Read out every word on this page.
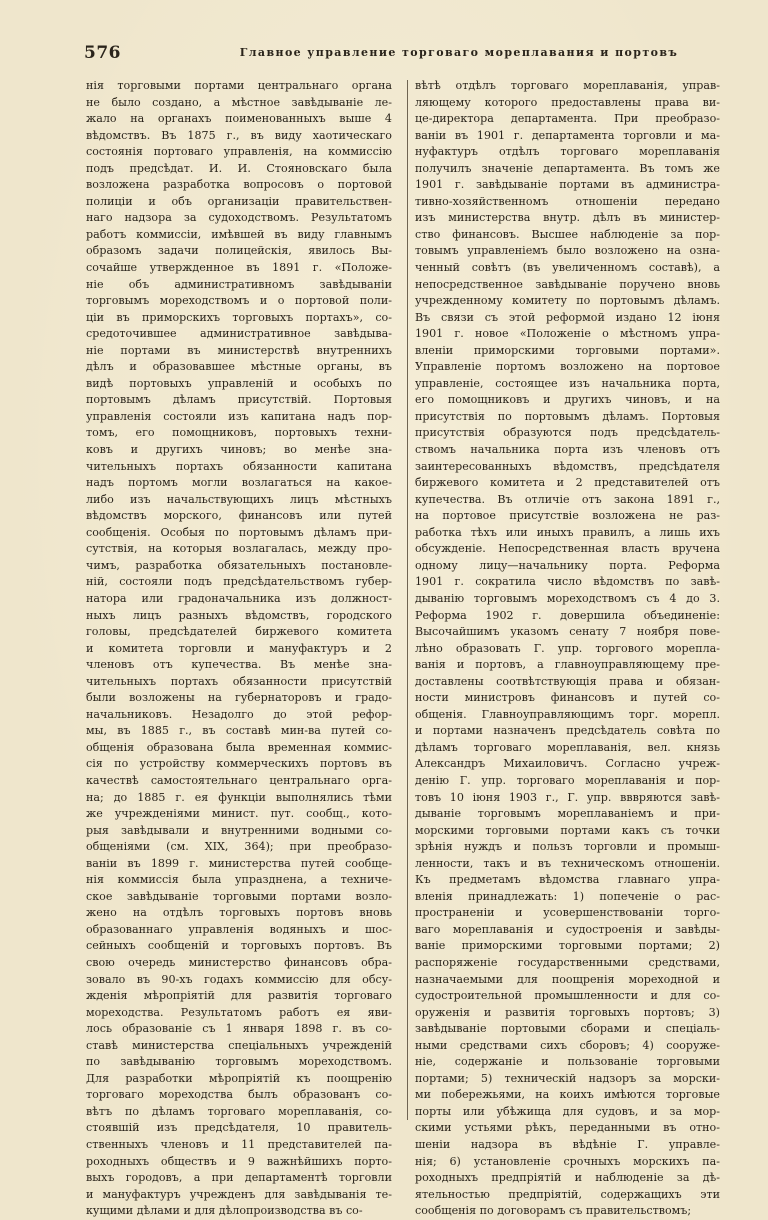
576	Главное управление торговаго мореплавания и портовъ
нія торговыми портами центральнаго органа
не было создано, а мѣстное завѣдываніе ле-
жало на органахъ поименованныхъ выше 4
вѣдомствъ. Въ 1875 г., въ виду хаотическаго
состоянія портоваго управленія, на коммиссію
подъ предсѣдат. И. И. Стояновскаго была
возложена разработка вопросовъ о портовой
полиціи и объ организаціи правительствен-
наго надзора за судоходствомъ. Результатомъ
работъ коммиссіи, имѣвшей въ виду главнымъ
образомъ задачи полицейскія, явилось Вы-
сочайше утвержденное въ 1891 г. «Положе-
ніе объ административномъ завѣдываніи
торговымъ мореходствомъ и о портовой поли-
ціи въ приморскихъ торговыхъ портахъ», со-
средоточившее административное завѣдыва-
ніе портами въ министерствѣ внутреннихъ
дѣлъ и образовавшее мѣстные органы, въ
видѣ портовыхъ управленій и особыхъ по
портовымъ дѣламъ присутствій. Портовыя
управленія состояли изъ капитана надъ пор-
томъ, его помощниковъ, портовыхъ техни-
ковъ и другихъ чиновъ; во менѣе зна-
чительныхъ портахъ обязанности капитана
надъ портомъ могли возлагаться на какое-
либо изъ начальствующихъ лицъ мѣстныхъ
вѣдомствъ морского, финансовъ или путей
сообщенія. Особыя по портовымъ дѣламъ при-
сутствія, на которыя возлагалась, между про-
чимъ, разработка обязательныхъ постановле-
ній, состояли подъ предсѣдательствомъ губер-
натора или градоначальника изъ должност-
ныхъ лицъ разныхъ вѣдомствъ, городского
головы, предсѣдателей биржевого комитета
и комитета торговли и мануфактуръ и 2
членовъ отъ купечества. Въ менѣе зна-
чительныхъ портахъ обязанности присутствій
были возложены на губернаторовъ и градо-
начальниковъ. Незадолго до этой рефор-
мы, въ 1885 г., въ составѣ мин-ва путей со-
общенія образована была временная коммис-
сія по устройству коммерческихъ портовъ въ
качествѣ самостоятельнаго центральнаго орга-
на; до 1885 г. ея функціи выполнялись тѣми
же учрежденіями минист. пут. сообщ., кото-
рыя завѣдывали и внутренними водными со-
общеніями (см. XIX, 364); при преобразо-
ваніи въ 1899 г. министерства путей сообще-
нія коммиссія была упразднена, а техниче-
ское завѣдываніе торговыми портами возло-
жено на отдѣлъ торговыхъ портовъ вновь
образованнаго управленія водяныхъ и шос-
сейныхъ сообщеній и торговыхъ портовъ. Въ
свою очередь министерство финансовъ обра-
зовало въ 90-хъ годахъ коммиссію для обсу-
жденія мѣропріятій для развитія торговаго
мореходства. Результатомъ работъ ея яви-
лось образованіе съ 1 января 1898 г. въ со-
ставѣ министерства спеціальныхъ учрежденій
по завѣдыванію торговымъ мореходствомъ.
Для разработки мѣропріятій къ поощренію
торговаго мореходства былъ образованъ со-
вѣтъ по дѣламъ торговаго мореплаванія, со-
стоявшій изъ предсѣдателя, 10 правитель-
ственныхъ членовъ и 11 представителей па-
роходныхъ обществъ и 9 важнѣйшихъ порто-
выхъ городовъ, а при департаментѣ торговли
и мануфактуръ учрежденъ для завѣдыванія те-
кущими дѣлами и для дѣлопроизводства въ со-
вѣтѣ отдѣлъ торговаго мореплаванія, управ-
ляющему которого предоставлены права ви-
це-директора департамента. При преобразо-
ваніи въ 1901 г. департамента торговли и ма-
нуфактуръ отдѣлъ торговаго мореплаванія
получилъ значеніе департамента. Въ томъ же
1901 г. завѣдываніе портами въ администра-
тивно-хозяйственномъ отношеніи передано
изъ министерства внутр. дѣлъ въ министер-
ство финансовъ. Высшее наблюденіе за пор-
товымъ управленіемъ было возложено на озна-
ченный совѣтъ (въ увеличенномъ составѣ), а
непосредственное завѣдываніе поручено вновь
учрежденному комитету по портовымъ дѣламъ.
Въ связи съ этой реформой издано 12 іюня
1901 г. новое «Положеніе о мѣстномъ упра-
вленіи приморскими торговыми портами».
Управленіе портомъ возложено на портовое
управленіе, состоящее изъ начальника порта,
его помощниковъ и другихъ чиновъ, и на
присутствія по портовымъ дѣламъ. Портовыя
присутствія образуются подъ предсѣдатель-
ствомъ начальника порта изъ членовъ отъ
заинтересованныхъ вѣдомствъ, предсѣдателя
биржевого комитета и 2 представителей отъ
купечества. Въ отличіе отъ закона 1891 г.,
на портовое присутствіе возложена не раз-
работка тѣхъ или иныхъ правилъ, а лишь ихъ
обсужденіе. Непосредственная власть вручена
одному лицу—начальнику порта. Реформа
1901 г. сократила число вѣдомствъ по завѣ-
дыванію торговымъ мореходствомъ съ 4 до 3.
Реформа 1902 г. довершила объединеніе:
Высочайшимъ указомъ сенату 7 ноября пове-
лѣно образовать Г. упр. торгового морепла-
ванія и портовъ, а главноуправляющему пре-
доставлены соотвѣтствующія права и обязан-
ности министровъ финансовъ и путей со-
общенія. Главноуправляющимъ торг. морепл.
и портами назначенъ предсѣдатель совѣта по
дѣламъ торговаго мореплаванія, вел. князь
Александръ Михаиловичъ. Согласно учреж-
денію Г. упр. торговаго мореплаванія и пор-
товъ 10 іюня 1903 г., Г. упр. вввряются завѣ-
дываніе торговымъ мореплаваніемъ и при-
морскими торговыми портами какъ съ точки
зрѣнія нуждъ и пользъ торговли и промыш-
ленности, такъ и въ техническомъ отношеніи.
Къ предметамъ вѣдомства главнаго упра-
вленія принадлежать: 1) попеченіе о рас-
пространеніи и усовершенствованіи торго-
ваго мореплаванія и судостроенія и завѣды-
ваніе приморскими торговыми портами; 2)
распоряженіе государственными средствами,
назначаемыми для поощренія мореходной и
судостроительной промышленности и для со-
оруженія и развитія торговыхъ портовъ; 3)
завѣдываніе портовыми сборами и спеціаль-
ными средствами сихъ сборовъ; 4) сооруже-
ніе, содержаніе и пользованіе торговыми
портами; 5) техническій надзоръ за морски-
ми побережьями, на коихъ имѣются торговые
порты или убѣжища для судовъ, и за мор-
скими устьями рѣкъ, переданными въ отно-
шеніи надзора въ вѣдѣніе Г. управле-
нія; 6) установленіе срочныхъ морскихъ па-
роходныхъ предпріятій и наблюденіе за дѣ-
ятельностью предпріятій, содержащихъ эти
сообщенія по договорамъ съ правительствомъ;
